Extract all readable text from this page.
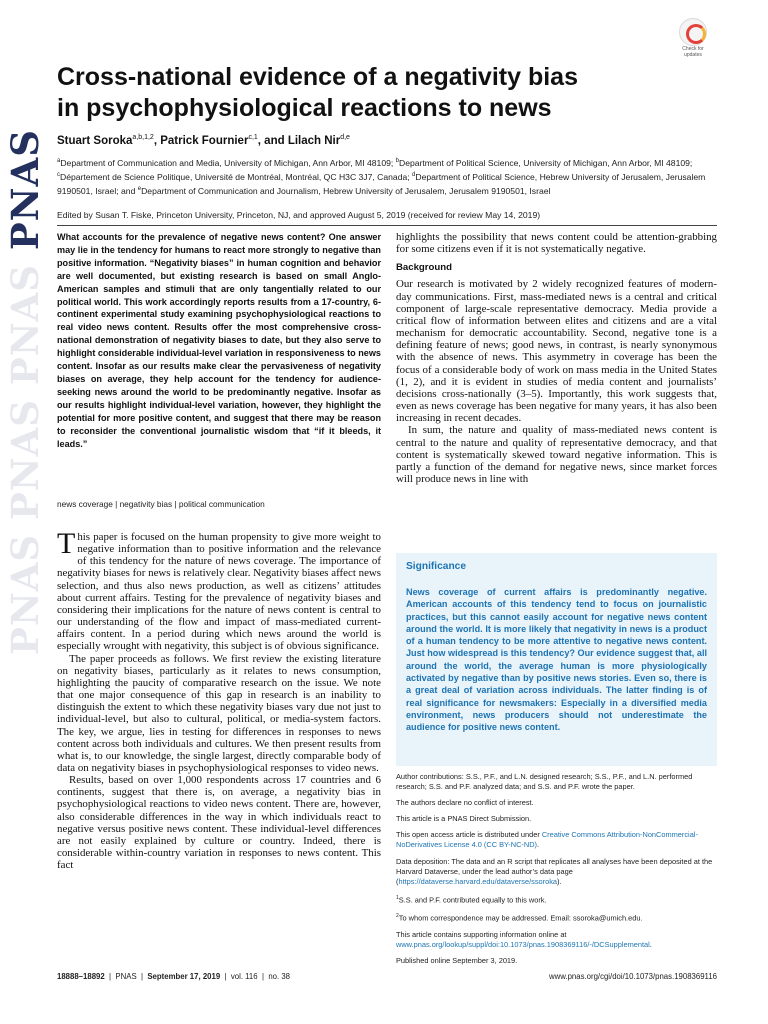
PNAS PNAS PNAS PNAS
Check for
updates
Cross-national evidence of a negativity bias
in psychophysiological reactions to news
Stuart Soroka$^{a,b,1,2}$, Patrick Fournier$^{c,1}$, and Lilach Nir$^{d,e}$
$^a$Department of Communication and Media, University of Michigan, Ann Arbor, MI 48109; $^b$Department of Political Science, University of Michigan, Ann Arbor, MI 48109; $^c$Département de Science Politique, Université de Montréal, Montréal, QC H3C 3J7, Canada; $^d$Department of Political Science, Hebrew University of Jerusalem, Jerusalem 9190501, Israel; and $^e$Department of Communication and Journalism, Hebrew University of Jerusalem, Jerusalem 9190501, Israel
Edited by Susan T. Fiske, Princeton University, Princeton, NJ, and approved August 5, 2019 (received for review May 14, 2019)
What accounts for the prevalence of negative news content? One answer may lie in the tendency for humans to react more strongly to negative than positive information. “Negativity biases” in human cognition and behavior are well documented, but existing research is based on small Anglo-American samples and stimuli that are only tangentially related to our political world. This work accordingly reports results from a 17-country, 6-continent experimental study examining psychophysiological reactions to real video news content. Results offer the most comprehensive cross-national demonstration of negativity biases to date, but they also serve to highlight considerable individual-level variation in responsiveness to news content. Insofar as our results make clear the pervasiveness of negativity biases on average, they help account for the tendency for audience-seeking news around the world to be predominantly negative. Insofar as our results highlight individual-level variation, however, they highlight the potential for more positive content, and suggest that there may be reason to reconsider the conventional journalistic wisdom that “if it bleeds, it leads.”
news coverage | negativity bias | political communication

This paper is focused on the human propensity to give more weight to negative information than to positive information and the relevance of this tendency for the nature of news coverage. The importance of negativity biases for news is relatively clear. Negativity biases affect news selection, and thus also news production, as well as citizens’ attitudes about current affairs. Testing for the prevalence of negativity biases and considering their implications for the nature of news content is central to our understanding of the flow and impact of mass-mediated current-affairs content. In a period during which news around the world is especially wrought with negativity, this subject is of obvious significance.

The paper proceeds as follows. We first review the existing literature on negativity biases, particularly as it relates to news consumption, highlighting the paucity of comparative research on the issue. We note that one major consequence of this gap in research is an inability to distinguish the extent to which these negativity biases vary due not just to individual-level, but also to cultural, political, or media-system factors. The key, we argue, lies in testing for differences in responses to news content across both individuals and cultures. We then present results from what is, to our knowledge, the single largest, directly comparable body of data on negativity biases in psychophysiological responses to video news.

Results, based on over 1,000 respondents across 17 countries and 6 continents, suggest that there is, on average, a negativity bias in psychophysiological reactions to video news content. There are, however, also considerable differences in the way in which individuals react to negative versus positive news content. These individual-level differences are not easily explained by culture or country. Indeed, there is considerable within-country variation in responses to news content. This fact

highlights the possibility that news content could be attention-grabbing for some citizens even if it is not systematically negative.

Background

Our research is motivated by 2 widely recognized features of modern-day communications. First, mass-mediated news is a central and critical component of large-scale representative democracy. Media provide a critical flow of information between elites and citizens and are a vital mechanism for democratic accountability. Second, negative tone is a defining feature of news; good news, in contrast, is nearly synonymous with the absence of news. This asymmetry in coverage has been the focus of a considerable body of work on mass media in the United States (1, 2), and it is evident in studies of media content and journalists’ decisions cross-nationally (3–5). Importantly, this work suggests that, even as news coverage has been negative for many years, it has also been increasing in recent decades.

In sum, the nature and quality of mass-mediated news content is central to the nature and quality of representative democracy, and that content is systematically skewed toward negative information. This is partly a function of the demand for negative news, since market forces will produce news in line with

Significance
News coverage of current affairs is predominantly negative. American accounts of this tendency tend to focus on journalistic practices, but this cannot easily account for negative news content around the world. It is more likely that negativity in news is a product of a human tendency to be more attentive to negative news content. Just how widespread is this tendency? Our evidence suggest that, all around the world, the average human is more physiologically activated by negative than by positive news stories. Even so, there is a great deal of variation across individuals. The latter finding is of real significance for newsmakers: Especially in a diversified media environment, news producers should not underestimate the audience for positive news content.

Author contributions: S.S., P.F., and L.N. designed research; S.S., P.F., and L.N. performed research; S.S. and P.F. analyzed data; and S.S. and P.F. wrote the paper.

The authors declare no conflict of interest.

This article is a PNAS Direct Submission.

This open access article is distributed under Creative Commons Attribution-NonCommercial-NoDerivatives License 4.0 (CC BY-NC-ND).

Data deposition: The data and an R script that replicates all analyses have been deposited at the Harvard Dataverse, under the lead author’s data page (https://dataverse.harvard.edu/dataverse/ssoroka).

$^1$S.S. and P.F. contributed equally to this work.

$^2$To whom correspondence may be addressed. Email: ssoroka@umich.edu.

This article contains supporting information online at www.pnas.org/lookup/suppl/doi:10.1073/pnas.1908369116/-/DCSupplemental.

Published online September 3, 2019.

18888–18892  |  PNAS  |  September 17, 2019  |  vol. 116  |  no. 38	www.pnas.org/cgi/doi/10.1073/pnas.1908369116
